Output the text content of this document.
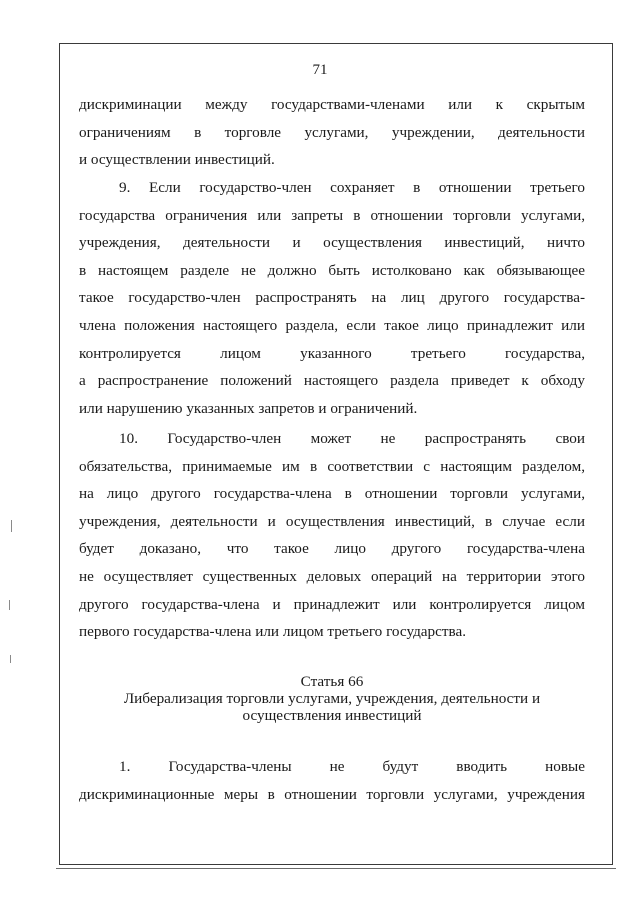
71
дискриминации между государствами-членами или к скрытым
ограничениям в торговле услугами, учреждении, деятельности
и осуществлении инвестиций.
9. Если государство-член сохраняет в отношении третьего
государства ограничения или запреты в отношении торговли услугами,
учреждения, деятельности и осуществления инвестиций, ничто
в настоящем разделе не должно быть истолковано как обязывающее
такое государство-член распространять на лиц другого государства-
члена положения настоящего раздела, если такое лицо принадлежит или
контролируется лицом указанного третьего государства,
а распространение положений настоящего раздела приведет к обходу
или нарушению указанных запретов и ограничений.
10. Государство-член может не распространять свои
обязательства, принимаемые им в соответствии с настоящим разделом,
на лицо другого государства-члена в отношении торговли услугами,
учреждения, деятельности и осуществления инвестиций, в случае если
будет доказано, что такое лицо другого государства-члена
не осуществляет существенных деловых операций на территории этого
другого государства-члена и принадлежит или контролируется лицом
первого государства-члена или лицом третьего государства.
Статья 66
Либерализация торговли услугами, учреждения, деятельности и
осуществления инвестиций
1. Государства-члены не будут вводить новые
дискриминационные меры в отношении торговли услугами, учреждения
